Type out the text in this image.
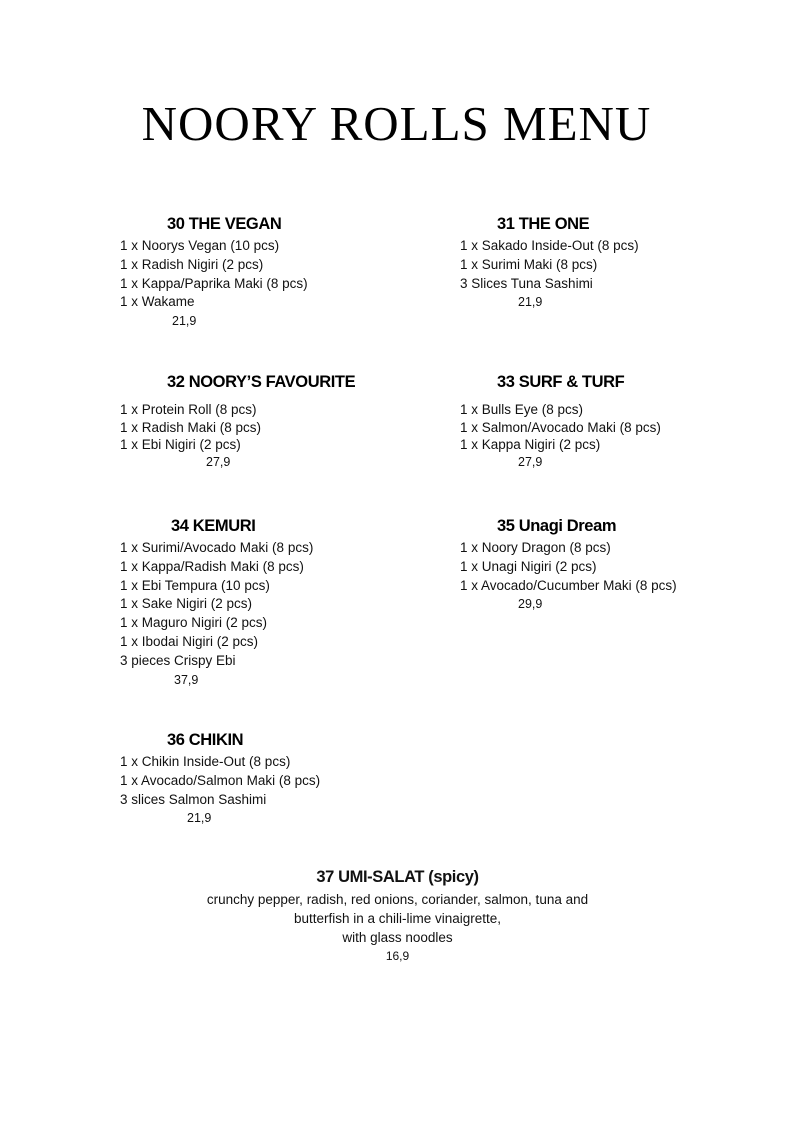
NOORY ROLLS MENU
30 THE VEGAN
1 x Noorys Vegan (10 pcs)
1 x Radish Nigiri (2 pcs)
1 x Kappa/Paprika Maki (8 pcs)
1 x Wakame
21,9
31 THE ONE
1 x Sakado Inside-Out (8 pcs)
1 x Surimi Maki (8 pcs)
3 Slices Tuna Sashimi
21,9
32 NOORY’S FAVOURITE
1 x Protein Roll (8 pcs)
1 x Radish Maki (8 pcs)
1 x Ebi Nigiri (2 pcs)
27,9
33 SURF & TURF
1 x Bulls Eye (8 pcs)
1 x Salmon/Avocado Maki (8 pcs)
1 x Kappa Nigiri (2 pcs)
27,9
34 KEMURI
1 x Surimi/Avocado Maki (8 pcs)
1 x Kappa/Radish Maki (8 pcs)
1 x Ebi Tempura (10 pcs)
1 x Sake Nigiri (2 pcs)
1 x Maguro Nigiri (2 pcs)
1 x Ibodai Nigiri (2 pcs)
3 pieces Crispy Ebi
37,9
35 Unagi Dream
1 x Noory Dragon (8 pcs)
1 x Unagi Nigiri (2 pcs)
1 x Avocado/Cucumber Maki (8 pcs)
29,9
36 CHIKIN
1 x Chikin Inside-Out (8 pcs)
1 x Avocado/Salmon Maki (8 pcs)
3 slices Salmon Sashimi
21,9
37 UMI-SALAT (spicy)
crunchy pepper, radish, red onions, coriander, salmon, tuna and
butterfish in a chili-lime vinaigrette,
with glass noodles
16,9
